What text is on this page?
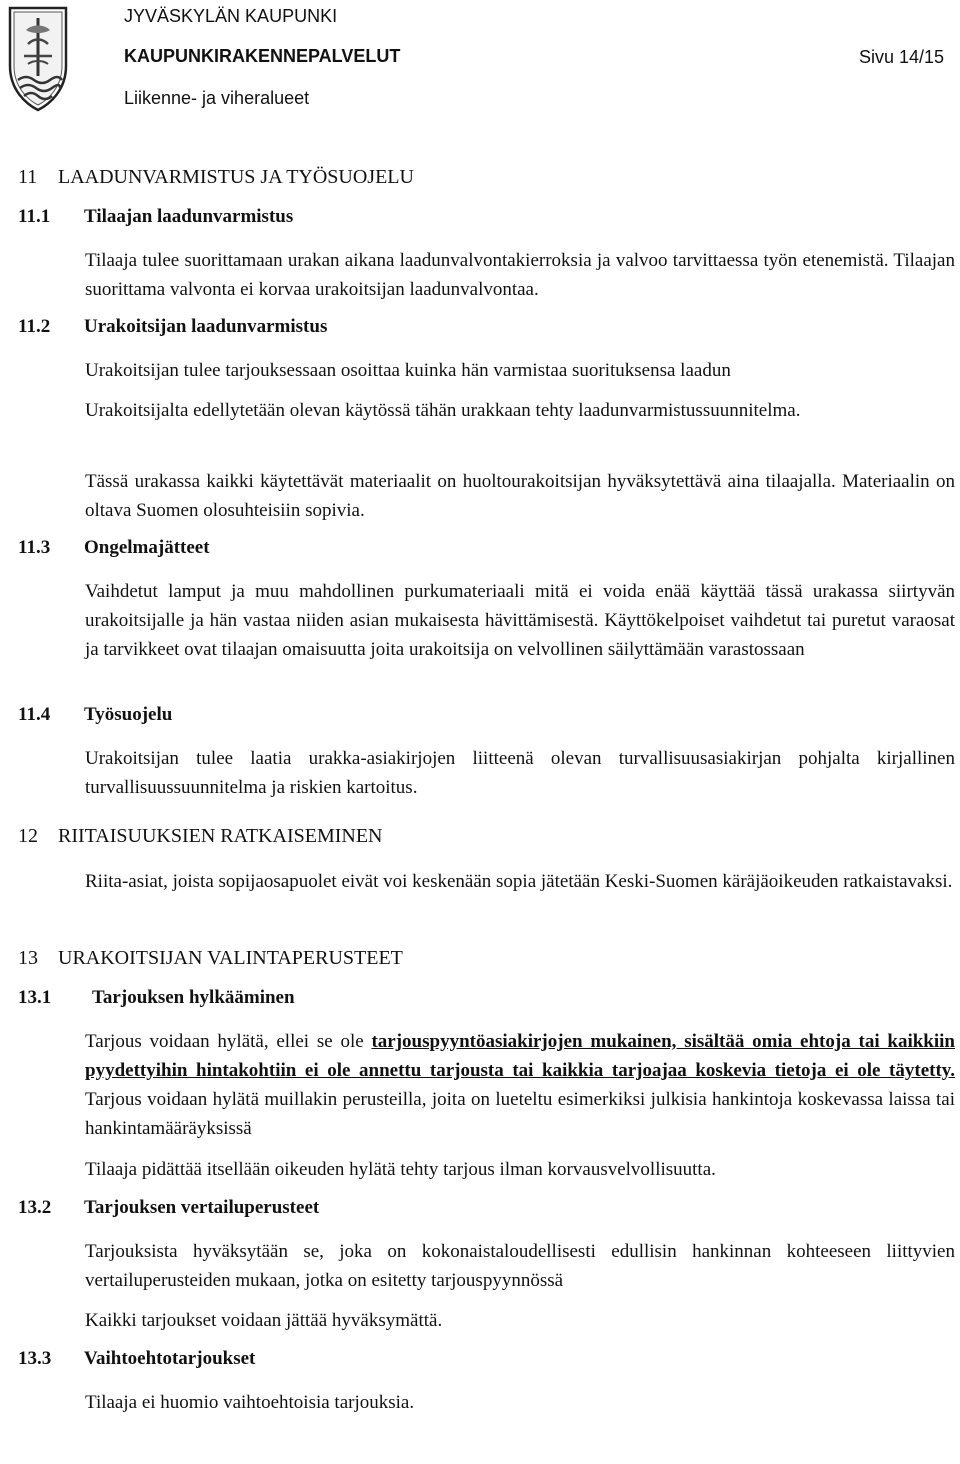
JYVÄSKYLÄN KAUPUNKI
KAUPUNKIRAKENNEPALVELUT
Liikenne- ja viheralueet
Sivu 14/15
11 LAADUNVARMISTUS JA TYÖSUOJELU
11.1 Tilaajan laadunvarmistus
Tilaaja tulee suorittamaan urakan aikana laadunvalvontakierroksia ja valvoo tarvittaessa työn etenemistä. Tilaajan suorittama valvonta ei korvaa urakoitsijan laadunvalvontaa.
11.2 Urakoitsijan laadunvarmistus
Urakoitsijan tulee tarjouksessaan osoittaa kuinka hän varmistaa suorituksensa laadun
Urakoitsijalta edellytetään olevan käytössä tähän urakkaan tehty laadunvarmistussuunnitelma.
Tässä urakassa kaikki käytettävät materiaalit on huoltourakoitsijan hyväksytettävä aina tilaajalla. Materiaalin on oltava Suomen olosuhteisiin sopivia.
11.3 Ongelmajätteet
Vaihdetut lamput ja muu mahdollinen purkumateriaali mitä ei voida enää käyttää tässä urakassa siirtyvän urakoitsijalle ja hän vastaa niiden asian mukaisesta hävittämisestä. Käyttökelpoiset vaihdetut tai puretut varaosat ja tarvikkeet ovat tilaajan omaisuutta joita urakoitsija on velvollinen säilyttämään varastossaan
11.4 Työsuojelu
Urakoitsijan tulee laatia urakka-asiakirjojen liitteenä olevan turvallisuusasiakirjan pohjalta kirjallinen turvallisuussuunnitelma ja riskien kartoitus.
12 RIITAISUUKSIEN RATKAISEMINEN
Riita-asiat, joista sopijaosapuolet eivät voi keskenään sopia jätetään Keski-Suomen käräjäoikeuden ratkaistavaksi.
13 URAKOITSIJAN VALINTAPERUSTEET
13.1 Tarjouksen hylkääminen
Tarjous voidaan hylätä, ellei se ole tarjouspyyntöasiakirjojen mukainen, sisältää omia ehtoja tai kaikkiin pyydettyihin hintakohtiin ei ole annettu tarjousta tai kaikkia tarjoajaa koskevia tietoja ei ole täytetty. Tarjous voidaan hylätä muillakin perusteilla, joita on lueteltu esimerkiksi julkisia hankintoja koskevassa laissa tai hankintamääräyksissä
Tilaaja pidättää itsellään oikeuden hylätä tehty tarjous ilman korvausvelvollisuutta.
13.2 Tarjouksen vertailuperusteet
Tarjouksista hyväksytään se, joka on kokonaistaloudellisesti edullisin hankinnan kohteeseen liittyvien vertailuperusteiden mukaan, jotka on esitetty tarjouspyynnössä
Kaikki tarjoukset voidaan jättää hyväksymättä.
13.3 Vaihtoehtotarjoukset
Tilaaja ei huomio vaihtoehtoisia tarjouksia.
